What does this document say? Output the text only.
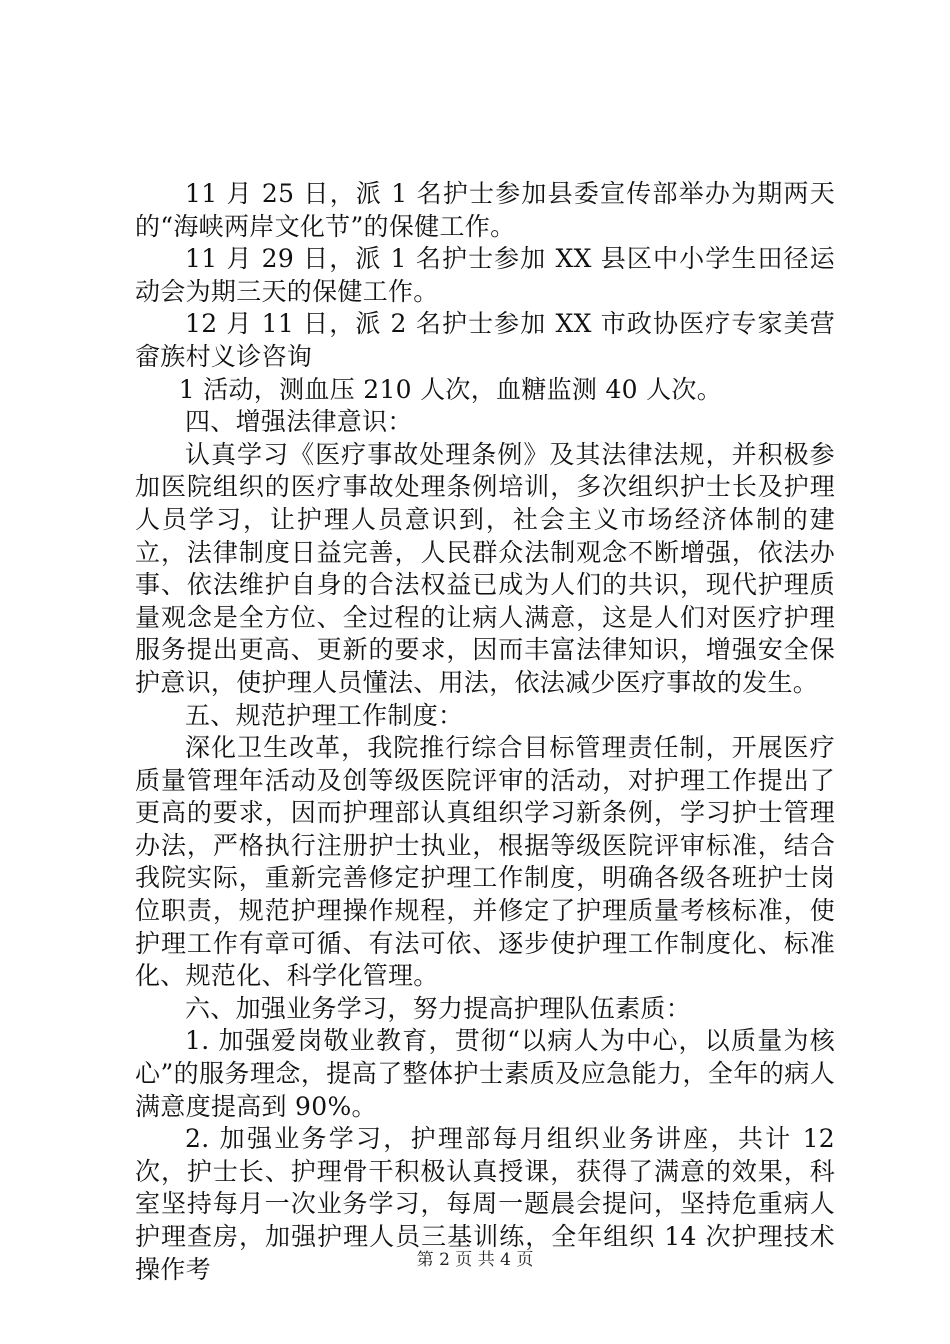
11 月 25 日，派 1 名护士参加县委宣传部举办为期两天的“海峡两岸文化节”的保健工作。

11 月 29 日，派 1 名护士参加 XX 县区中小学生田径运动会为期三天的保健工作。

12 月 11 日，派 2 名护士参加 XX 市政协医疗专家美营畲族村义诊咨询

1 活动，测血压 210 人次，血糖监测 40 人次。

四、增强法律意识：

认真学习《医疗事故处理条例》及其法律法规，并积极参加医院组织的医疗事故处理条例培训，多次组织护士长及护理人员学习，让护理人员意识到，社会主义市场经济体制的建立，法律制度日益完善，人民群众法制观念不断增强，依法办事、依法维护自身的合法权益已成为人们的共识，现代护理质量观念是全方位、全过程的让病人满意，这是人们对医疗护理服务提出更高、更新的要求，因而丰富法律知识，增强安全保护意识，使护理人员懂法、用法，依法减少医疗事故的发生。

五、规范护理工作制度：

深化卫生改革，我院推行综合目标管理责任制，开展医疗质量管理年活动及创等级医院评审的活动，对护理工作提出了更高的要求，因而护理部认真组织学习新条例，学习护士管理办法，严格执行注册护士执业，根据等级医院评审标准，结合我院实际，重新完善修定护理工作制度，明确各级各班护士岗位职责，规范护理操作规程，并修定了护理质量考核标准，使护理工作有章可循、有法可依、逐步使护理工作制度化、标准化、规范化、科学化管理。

六、加强业务学习，努力提高护理队伍素质：

1. 加强爱岗敬业教育，贯彻“以病人为中心，以质量为核心”的服务理念，提高了整体护士素质及应急能力，全年的病人满意度提高到 90%。

2. 加强业务学习，护理部每月组织业务讲座，共计 12 次，护士长、护理骨干积极认真授课，获得了满意的效果，科室坚持每月一次业务学习，每周一题晨会提问，坚持危重病人护理查房，加强护理人员三基训练，全年组织 14 次护理技术操作考	第 2 页 共 4 页
